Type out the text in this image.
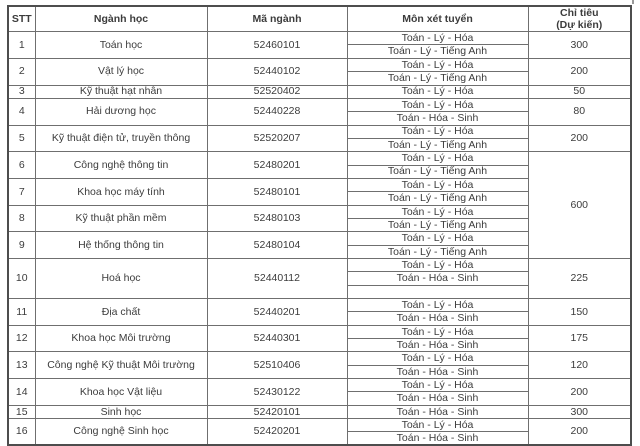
STT	Ngành học	Mã ngành	Môn xét tuyển	Chỉ tiêu
(Dự kiến)

1	Toán học	52460101	Toán - Lý - Hóa	300
			Toán - Lý - Tiếng Anh	
2	Vật lý học	52440102	Toán - Lý - Hóa	200
			Toán - Lý - Tiếng Anh	
3	Kỹ thuật hạt nhân	52520402	Toán - Lý - Hóa	50
4	Hải dương học	52440228	Toán - Lý - Hóa	80
			Toán - Hóa - Sinh	
5	Kỹ thuật điện tử, truyền thông	52520207	Toán - Lý - Hóa	200
			Toán - Lý - Tiếng Anh	
6	Công nghệ thông tin	52480201	Toán - Lý - Hóa	600
			Toán - Lý - Tiếng Anh	
7	Khoa học máy tính	52480101	Toán - Lý - Hóa	
			Toán - Lý - Tiếng Anh	
8	Kỹ thuật phần mềm	52480103	Toán - Lý - Hóa	
			Toán - Lý - Tiếng Anh	
9	Hệ thống thông tin	52480104	Toán - Lý - Hóa	
			Toán - Lý - Tiếng Anh	
10	Hoá học	52440112	Toán - Lý - Hóa	225
			Toán - Hóa - Sinh	

11	Địa chất	52440201	Toán - Lý - Hóa	150
			Toán - Hóa - Sinh	
12	Khoa học Môi trường	52440301	Toán - Lý - Hóa	175
			Toán - Hóa - Sinh	
13	Công nghệ Kỹ thuật Môi trường	52510406	Toán - Lý - Hóa	120
			Toán - Hóa - Sinh	
14	Khoa học Vật liệu	52430122	Toán - Lý - Hóa	200
			Toán - Hóa - Sinh	
15	Sinh học	52420101	Toán - Hóa - Sinh	300
16	Công nghệ Sinh học	52420201	Toán - Lý - Hóa	200
			Toán - Hóa - Sinh	
